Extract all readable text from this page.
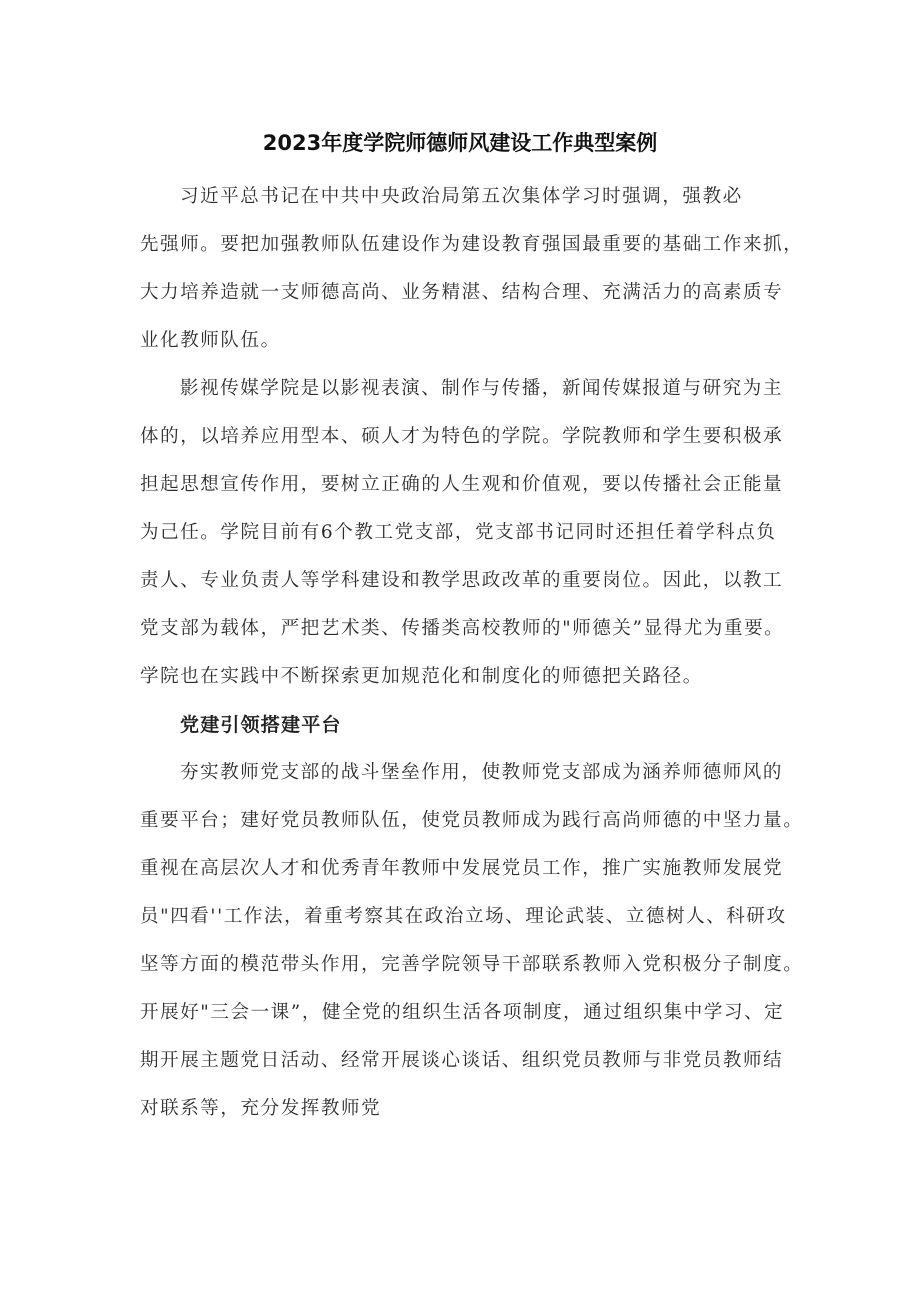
2023年度学院师德师风建设工作典型案例

习近平总书记在中共中央政治局第五次集体学习时强调，强教必

先强师。要把加强教师队伍建设作为建设教育强国最重要的基础工作来抓，

大力培养造就一支师德高尚、业务精湛、结构合理、充满活力的高素质专

业化教师队伍。

影视传媒学院是以影视表演、制作与传播，新闻传媒报道与研究为主

体的，以培养应用型本、硕人才为特色的学院。学院教师和学生要积极承

担起思想宣传作用，要树立正确的人生观和价值观，要以传播社会正能量

为己任。学院目前有6个教工党支部，党支部书记同时还担任着学科点负

责人、专业负责人等学科建设和教学思政改革的重要岗位。因此，以教工

党支部为载体，严把艺术类、传播类高校教师的"师德关”显得尤为重要。

学院也在实践中不断探索更加规范化和制度化的师德把关路径。

党建引领搭建平台

夯实教师党支部的战斗堡垒作用，使教师党支部成为涵养师德师风的

重要平台；建好党员教师队伍，使党员教师成为践行高尚师德的中坚力量。

重视在高层次人才和优秀青年教师中发展党员工作，推广实施教师发展党

员"四看''工作法，着重考察其在政治立场、理论武装、立德树人、科研攻

坚等方面的模范带头作用，完善学院领导干部联系教师入党积极分子制度。

开展好"三会一课”，健全党的组织生活各项制度，通过组织集中学习、定

期开展主题党日活动、经常开展谈心谈话、组织党员教师与非党员教师结

对联系等，充分发挥教师党
